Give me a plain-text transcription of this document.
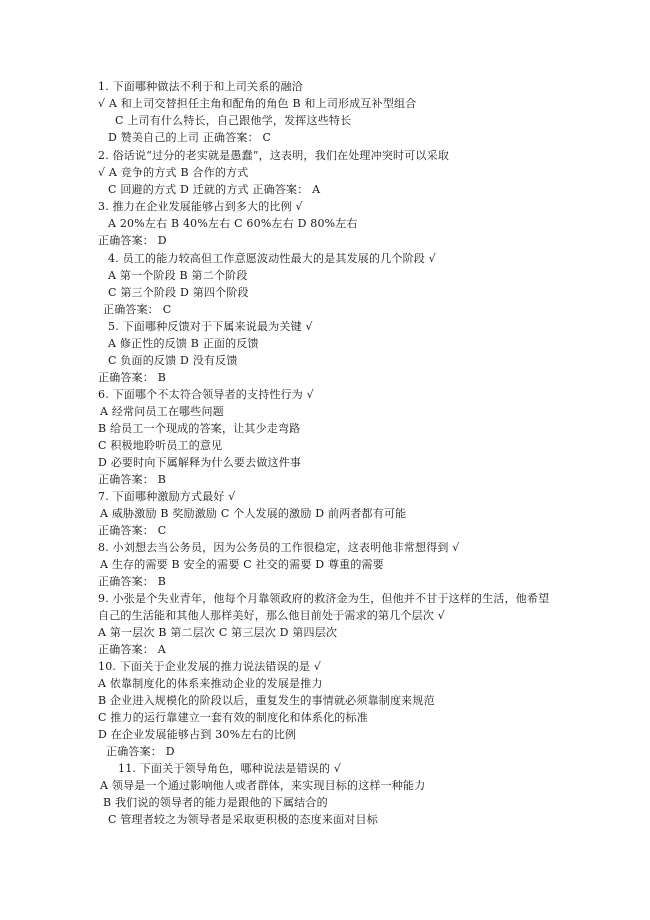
1. 下面哪种做法不利于和上司关系的融洽
√ A 和上司交替担任主角和配角的角色 B 和上司形成互补型组合
C 上司有什么特长，自己跟他学，发挥这些特长
D 赞美自己的上司 正确答案： C
2. 俗话说“过分的老实就是愚蠢”，这表明，我们在处理冲突时可以采取
√ A 竞争的方式 B 合作的方式
C 回避的方式 D 迁就的方式 正确答案： A
3. 推力在企业发展能够占到多大的比例 √
A 20%左右 B 40%左右 C 60%左右 D 80%左右
正确答案： D
4. 员工的能力较高但工作意愿波动性最大的是其发展的几个阶段 √
A 第一个阶段 B 第二个阶段
C 第三个阶段 D 第四个阶段
正确答案： C
5. 下面哪种反馈对于下属来说最为关键 √
A 修正性的反馈 B 正面的反馈
C 负面的反馈 D 没有反馈
正确答案： B
6. 下面哪个不太符合领导者的支持性行为 √
A 经常问员工在哪些问题
B 给员工一个现成的答案，让其少走弯路
C 积极地聆听员工的意见
D 必要时向下属解释为什么要去做这件事
正确答案： B
7. 下面哪种激励方式最好 √
A 威胁激励 B 奖励激励 C 个人发展的激励 D 前两者都有可能
正确答案： C
8. 小刘想去当公务员，因为公务员的工作很稳定，这表明他非常想得到 √
A 生存的需要 B 安全的需要 C 社交的需要 D 尊重的需要
正确答案： B
9. 小张是个失业青年，他每个月靠领政府的救济金为生，但他并不甘于这样的生活，他希望
自己的生活能和其他人那样美好，那么他目前处于需求的第几个层次 √
A 第一层次 B 第二层次 C 第三层次 D 第四层次
正确答案： A
10. 下面关于企业发展的推力说法错误的是 √
A 依靠制度化的体系来推动企业的发展是推力
B 企业进入规模化的阶段以后，重复发生的事情就必须靠制度来规范
C 推力的运行靠建立一套有效的制度化和体系化的标准
D 在企业发展能够占到 30%左右的比例
正确答案： D
11. 下面关于领导角色，哪种说法是错误的 √
A 领导是一个通过影响他人或者群体，来实现目标的这样一种能力
B 我们说的领导者的能力是跟他的下属结合的
C 管理者较之为领导者是采取更积极的态度来面对目标
